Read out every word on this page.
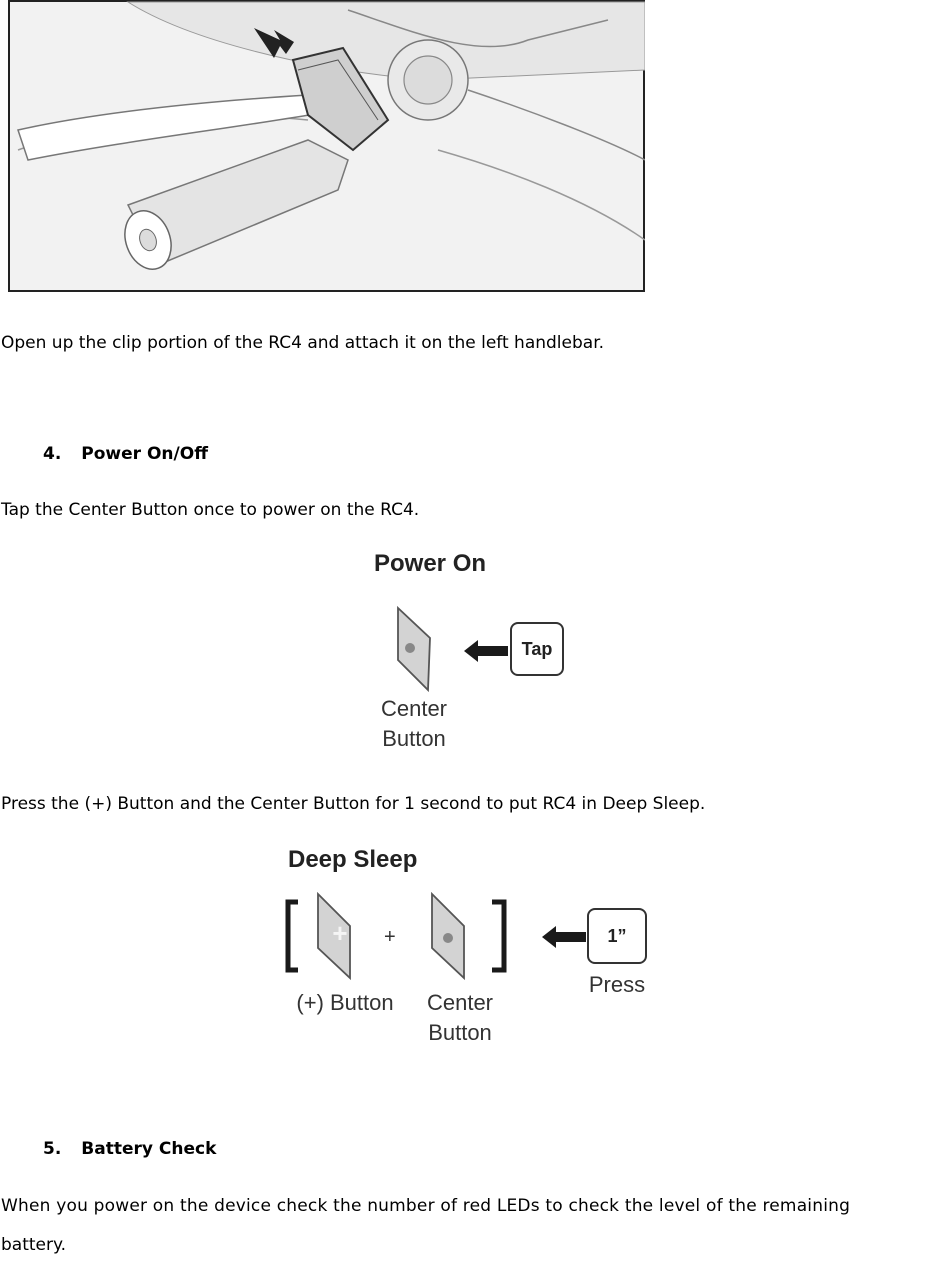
Open up the clip portion of the RC4 and attach it on the left handlebar.
4. Power On/Off
Tap the Center Button once to power on the RC4.
Power On
Tap
Center
Button
Press the (+) Button and the Center Button for 1 second to put RC4 in Deep Sleep.
Deep Sleep
+ +	1”
Press
(+) Button	Center
Button
5. Battery Check
When you power on the device check the number of red LEDs to check the level of the remaining
battery.
